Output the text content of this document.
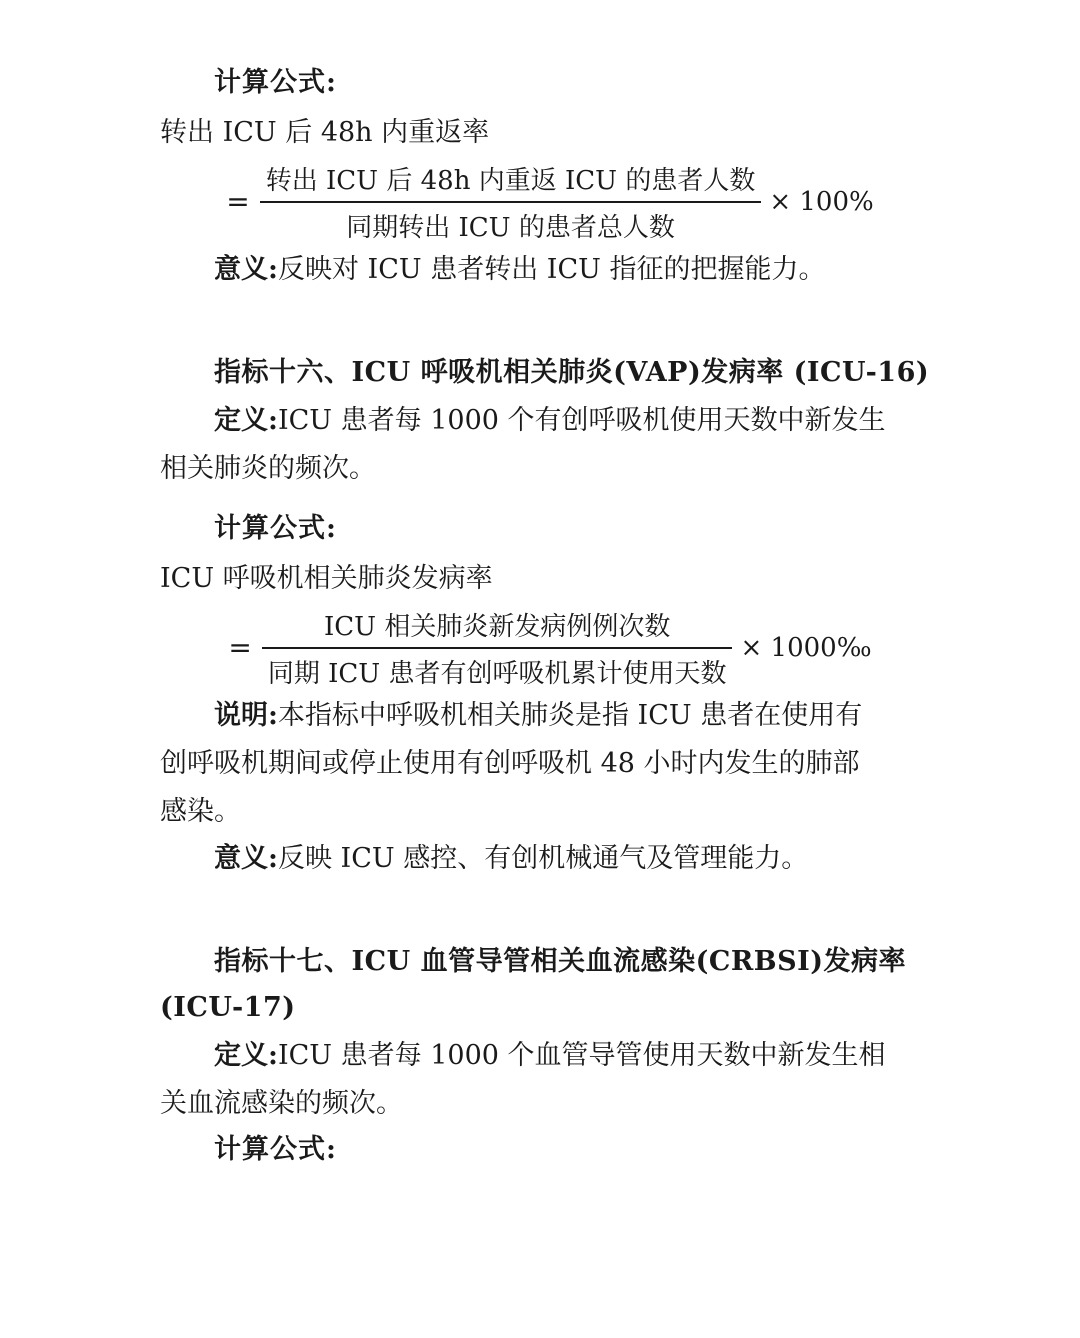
计算公式:

转出 ICU 后 48h 内重返率

= $\frac{\text{转出 ICU 后 48h 内重返 ICU 的患者人数}}{\text{同期转出 ICU 的患者总人数}} \times 100\%$

意义:反映对 ICU 患者转出 ICU 指征的把握能力。

指标十六、ICU 呼吸机相关肺炎(VAP)发病率 (ICU-16)

定义:ICU 患者每 1000 个有创呼吸机使用天数中新发生

相关肺炎的频次。

计算公式:

ICU 呼吸机相关肺炎发病率

= $\frac{\text{ICU 相关肺炎新发病例例次数}}{\text{同期 ICU 患者有创呼吸机累计使用天数}}$ × 1000‰

说明:本指标中呼吸机相关肺炎是指 ICU 患者在使用有

创呼吸机期间或停止使用有创呼吸机 48 小时内发生的肺部

感染。

意义:反映 ICU 感控、有创机械通气及管理能力。

指标十七、ICU 血管导管相关血流感染(CRBSI)发病率

(ICU-17)

定义:ICU 患者每 1000 个血管导管使用天数中新发生相

关血流感染的频次。

计算公式:
